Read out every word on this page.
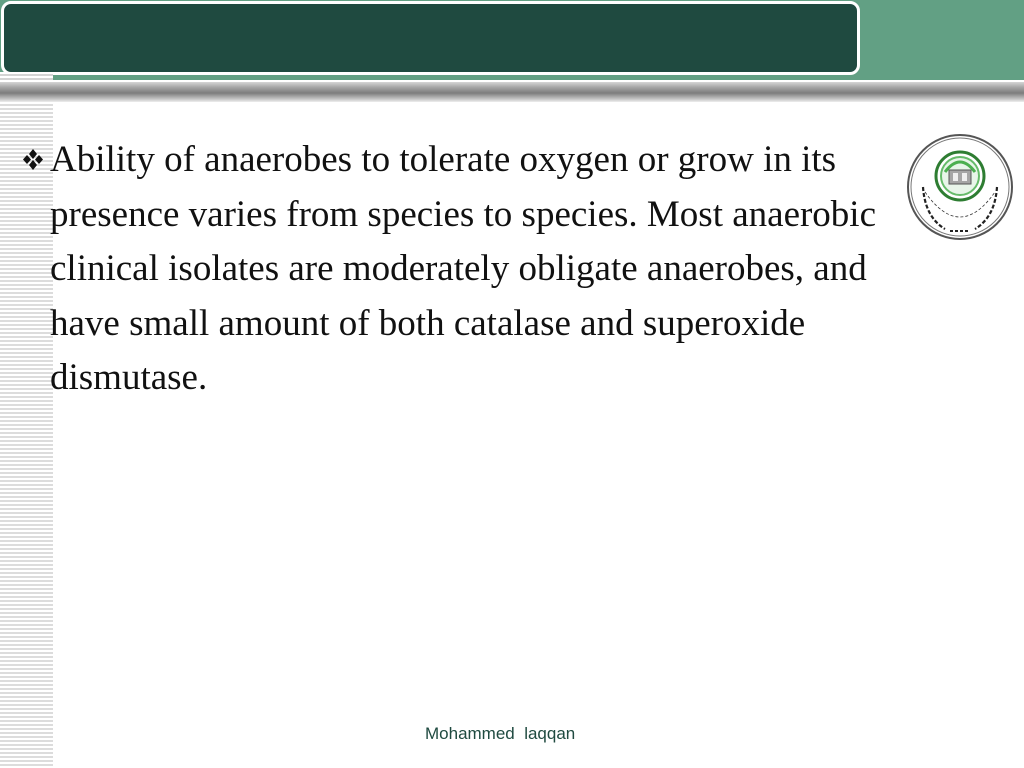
Ability of anaerobes to tolerate oxygen or grow in its presence varies from species to species. Most anaerobic clinical isolates are moderately obligate anaerobes, and have small amount of both catalase and superoxide dismutase.
Mohammed  laqqan
